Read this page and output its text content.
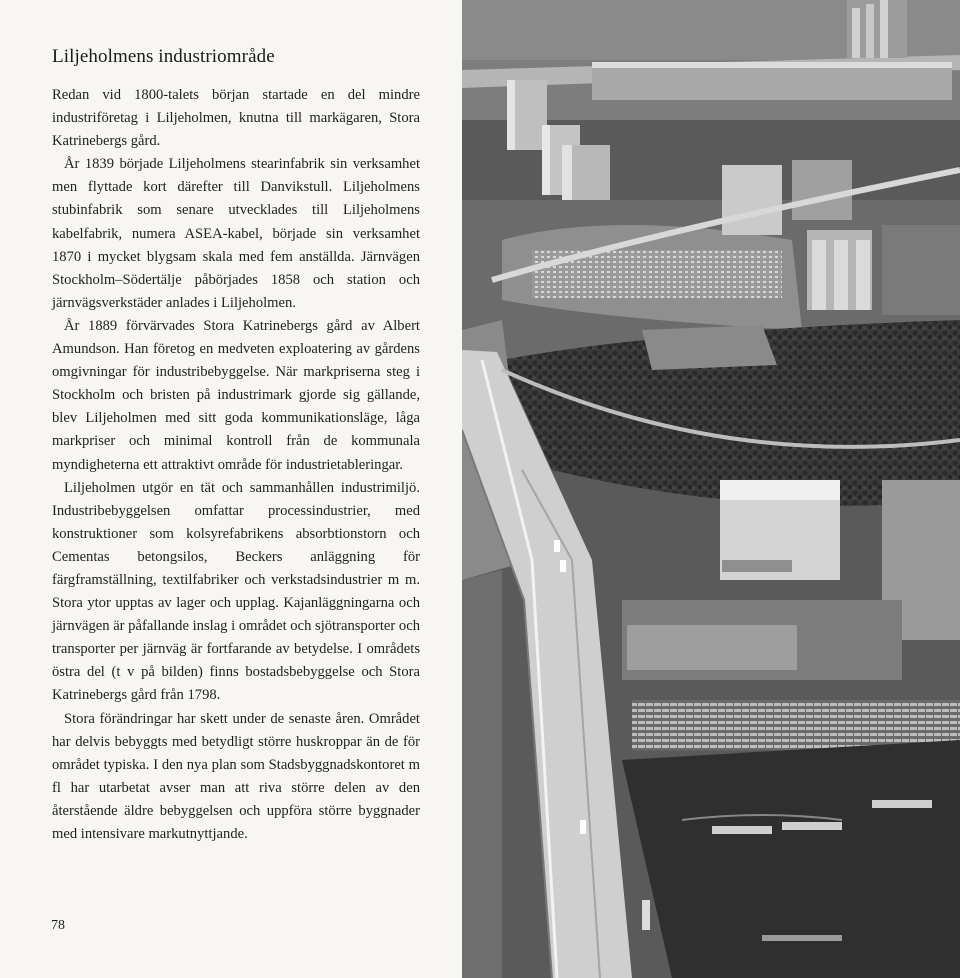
Liljeholmens industriområde

Redan vid 1800-talets början startade en del mindre industriföretag i Liljeholmen, knutna till markägaren, Stora Katrinebergs gård.

År 1839 började Liljeholmens stearinfabrik sin verksamhet men flyttade kort därefter till Danvikstull. Liljeholmens stubinfabrik som senare utvecklades till Liljeholmens kabelfabrik, numera ASEA-kabel, började sin verksamhet 1870 i mycket blygsam skala med fem anställda. Järnvägen Stockholm–Södertälje påbörjades 1858 och station och järnvägsverkstäder anlades i Liljeholmen.

År 1889 förvärvades Stora Katrinebergs gård av Albert Amundson. Han företog en medveten exploatering av gårdens omgivningar för industribebyggelse. När markpriserna steg i Stockholm och bristen på industrimark gjorde sig gällande, blev Liljeholmen med sitt goda kommunikationsläge, låga markpriser och minimal kontroll från de kommunala myndigheterna ett attraktivt område för industrietableringar.

Liljeholmen utgör en tät och sammanhållen industrimiljö. Industribebyggelsen omfattar processindustrier, med konstruktioner som kolsyrefabrikens absorbtionstorn och Cementas betongsilos, Beckers anläggning för färgframställning, textilfabriker och verkstadsindustrier m m. Stora ytor upptas av lager och upplag. Kajanläggningarna och järnvägen är påfallande inslag i området och sjötransporter och transporter per järnväg är fortfarande av betydelse. I områdets östra del (t v på bilden) finns bostadsbebyggelse och Stora Katrinebergs gård från 1798.

Stora förändringar har skett under de senaste åren. Området har delvis bebyggts med betydligt större huskroppar än de för området typiska. I den nya plan som Stadsbyggnadskontoret m fl har utarbetat avser man att riva större delen av den återstående äldre bebyggelsen och uppföra större byggnader med intensivare markutnyttjande.

78
